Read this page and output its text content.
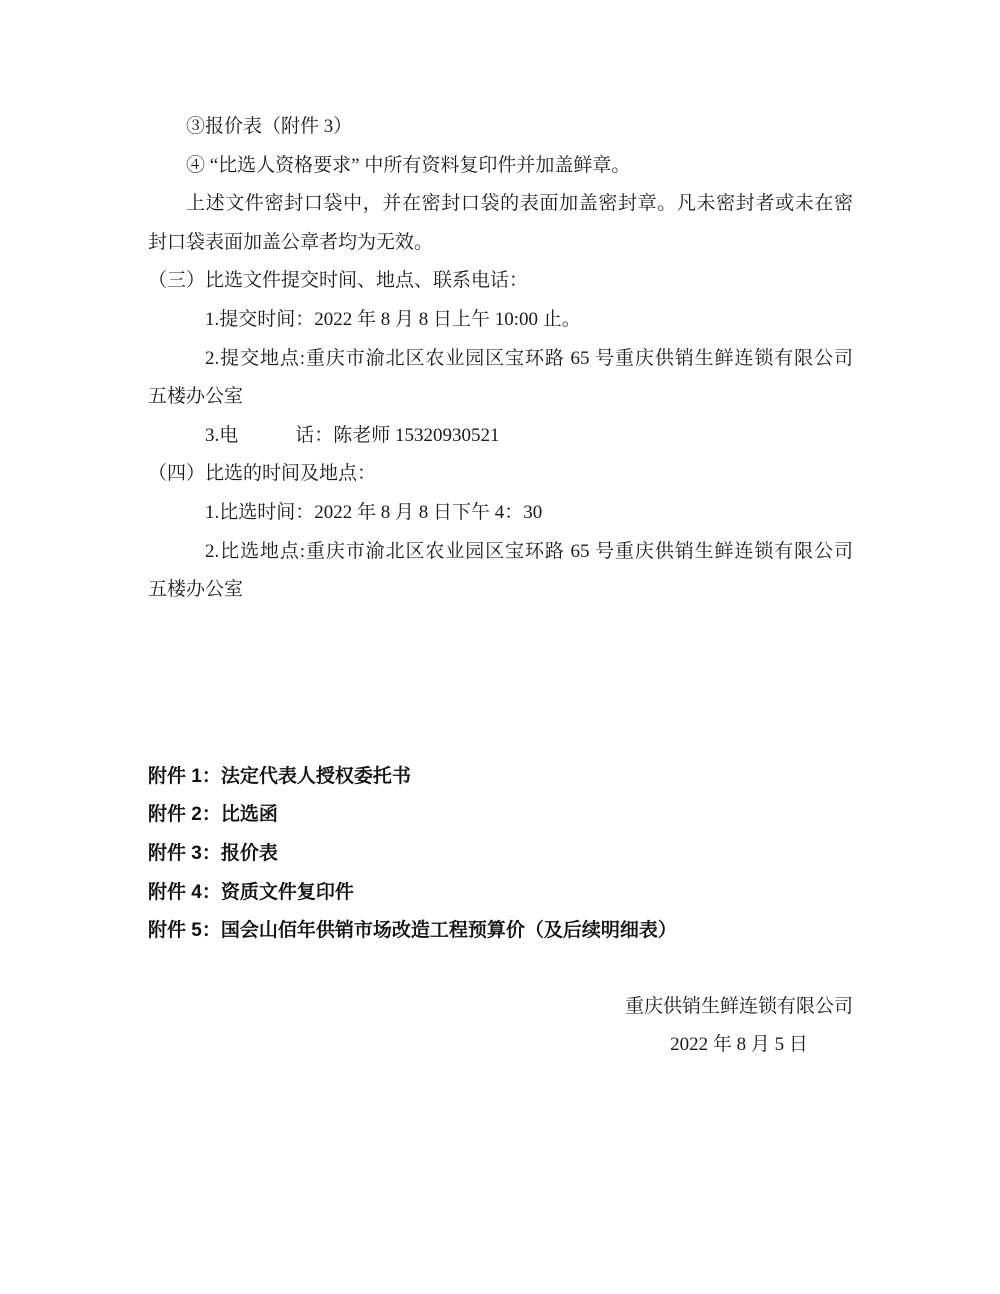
③报价表（附件 3）
④ “比选人资格要求” 中所有资料复印件并加盖鲜章。
上述文件密封口袋中，并在密封口袋的表面加盖密封章。凡未密封者或未在密
封口袋表面加盖公章者均为无效。
（三）比选文件提交时间、地点、联系电话：
1.提交时间：2022 年 8 月 8 日上午 10:00 止。
2.提交地点:重庆市渝北区农业园区宝环路 65 号重庆供销生鲜连锁有限公司
五楼办公室
3.电　　　话：陈老师 15320930521
（四）比选的时间及地点：
1.比选时间：2022 年 8 月 8 日下午 4：30
2.比选地点:重庆市渝北区农业园区宝环路 65 号重庆供销生鲜连锁有限公司
五楼办公室
附件 1：法定代表人授权委托书
附件 2：比选函
附件 3：报价表
附件 4：资质文件复印件
附件 5：国会山佰年供销市场改造工程预算价（及后续明细表）
重庆供销生鲜连锁有限公司
2022 年 8 月 5 日
